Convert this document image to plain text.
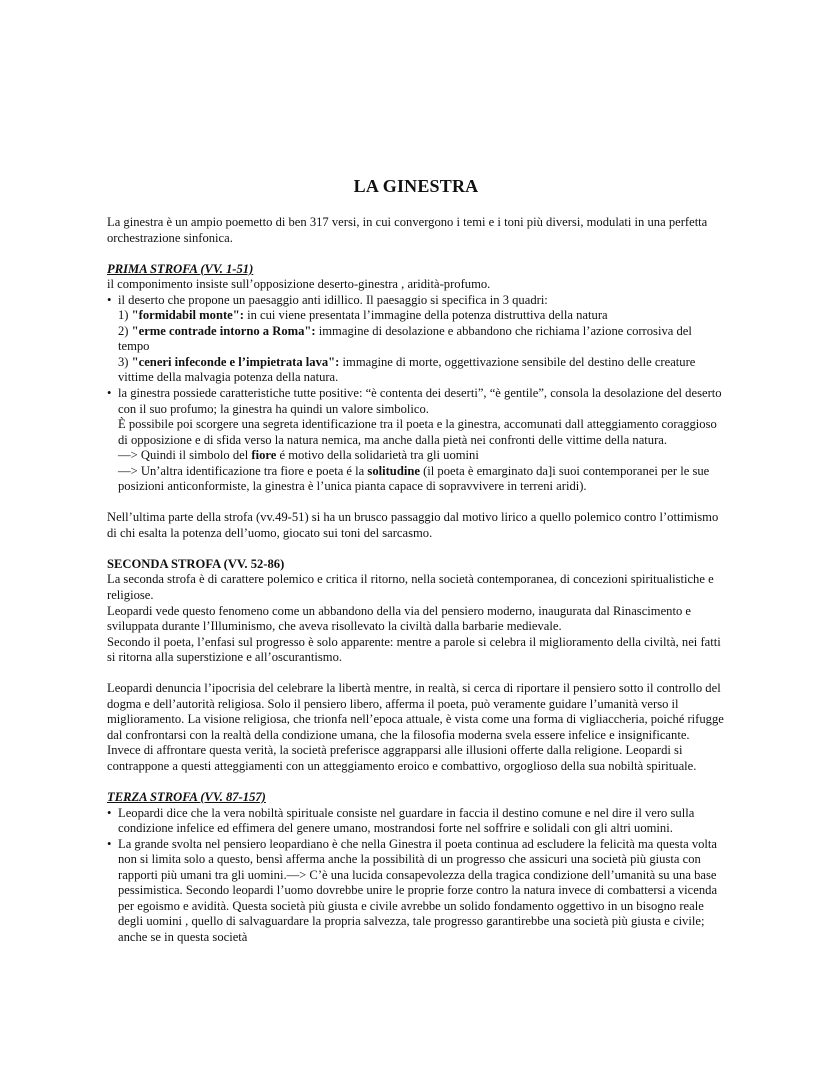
LA GINESTRA

La ginestra è un ampio poemetto di ben 317 versi, in cui convergono i temi e i toni più diversi, modulati in una perfetta orchestrazione sinfonica.

PRIMA STROFA (VV. 1-51)

il componimento insiste sull’opposizione deserto-ginestra , aridità-profumo.

• il deserto che propone un paesaggio anti idillico. Il paesaggio si specifica in 3 quadri:

1) "formidabil monte": in cui viene presentata l’immagine della potenza distruttiva della natura

2) "erme contrade intorno a Roma": immagine di desolazione e abbandono che richiama l’azione corrosiva del tempo

3) "ceneri infeconde e l’impietrata lava": immagine di morte, oggettivazione sensibile del destino delle creature vittime della malvagia potenza della natura.

• la ginestra possiede caratteristiche tutte positive: “è contenta dei deserti”, “è gentile”, consola la desolazione del deserto con il suo profumo; la ginestra ha quindi un valore simbolico.

È possibile poi scorgere una segreta identificazione tra il poeta e la ginestra, accomunati dall atteggiamento coraggioso di opposizione e di sfida verso la natura nemica, ma anche dalla pietà nei confronti delle vittime della natura.

—> Quindi il simbolo del fiore é motivo della solidarietà tra gli uomini

—> Un’altra identificazione tra fiore e poeta é la solitudine (il poeta è emarginato da]i suoi contemporanei per le sue posizioni anticonformiste, la ginestra è l’unica pianta capace di sopravvivere in terreni aridi).

Nell’ultima parte della strofa (vv.49-51) si ha un brusco passaggio dal motivo lirico a quello polemico contro l’ottimismo di chi esalta la potenza dell’uomo, giocato sui toni del sarcasmo.

SECONDA STROFA (VV. 52-86)

La seconda strofa è di carattere polemico e critica il ritorno, nella società contemporanea, di concezioni spiritualistiche e religiose.

Leopardi vede questo fenomeno come un abbandono della via del pensiero moderno, inaugurata dal Rinascimento e sviluppata durante l’Illuminismo, che aveva risollevato la civiltà dalla barbarie medievale.

Secondo il poeta, l’enfasi sul progresso è solo apparente: mentre a parole si celebra il miglioramento della civiltà, nei fatti si ritorna alla superstizione e all’oscurantismo.

Leopardi denuncia l’ipocrisia del celebrare la libertà mentre, in realtà, si cerca di riportare il pensiero sotto il controllo del dogma e dell’autorità religiosa. Solo il pensiero libero, afferma il poeta, può veramente guidare l’umanità verso il miglioramento. La visione religiosa, che trionfa nell’epoca attuale, è vista come una forma di vigliaccheria, poiché rifugge dal confrontarsi con la realtà della condizione umana, che la filosofia moderna svela essere infelice e insignificante. Invece di affrontare questa verità, la società preferisce aggrapparsi alle illusioni offerte dalla religione. Leopardi si contrappone a questi atteggiamenti con un atteggiamento eroico e combattivo, orgoglioso della sua nobiltà spirituale.

TERZA STROFA (VV. 87-157)

• Leopardi dice che la vera nobiltà spirituale consiste nel guardare in faccia il destino comune e nel dire il vero sulla condizione infelice ed effimera del genere umano, mostrandosi forte nel soffrire e solidali con gli altri uomini.

• La grande svolta nel pensiero leopardiano è che nella Ginestra il poeta continua ad escludere la felicità ma questa volta non si limita solo a questo, bensì afferma anche la possibilità di un progresso che assicuri una società più giusta con rapporti più umani tra gli uomini.—> C’è una lucida consapevolezza della tragica condizione dell’umanità su una base pessimistica. Secondo leopardi l’uomo dovrebbe unire le proprie forze contro la natura invece di combattersi a vicenda per egoismo e avidità. Questa società più giusta e civile avrebbe un solido fondamento oggettivo in un bisogno reale degli uomini , quello di salvaguardare la propria salvezza, tale progresso garantirebbe una società più giusta e civile; anche se in questa società
